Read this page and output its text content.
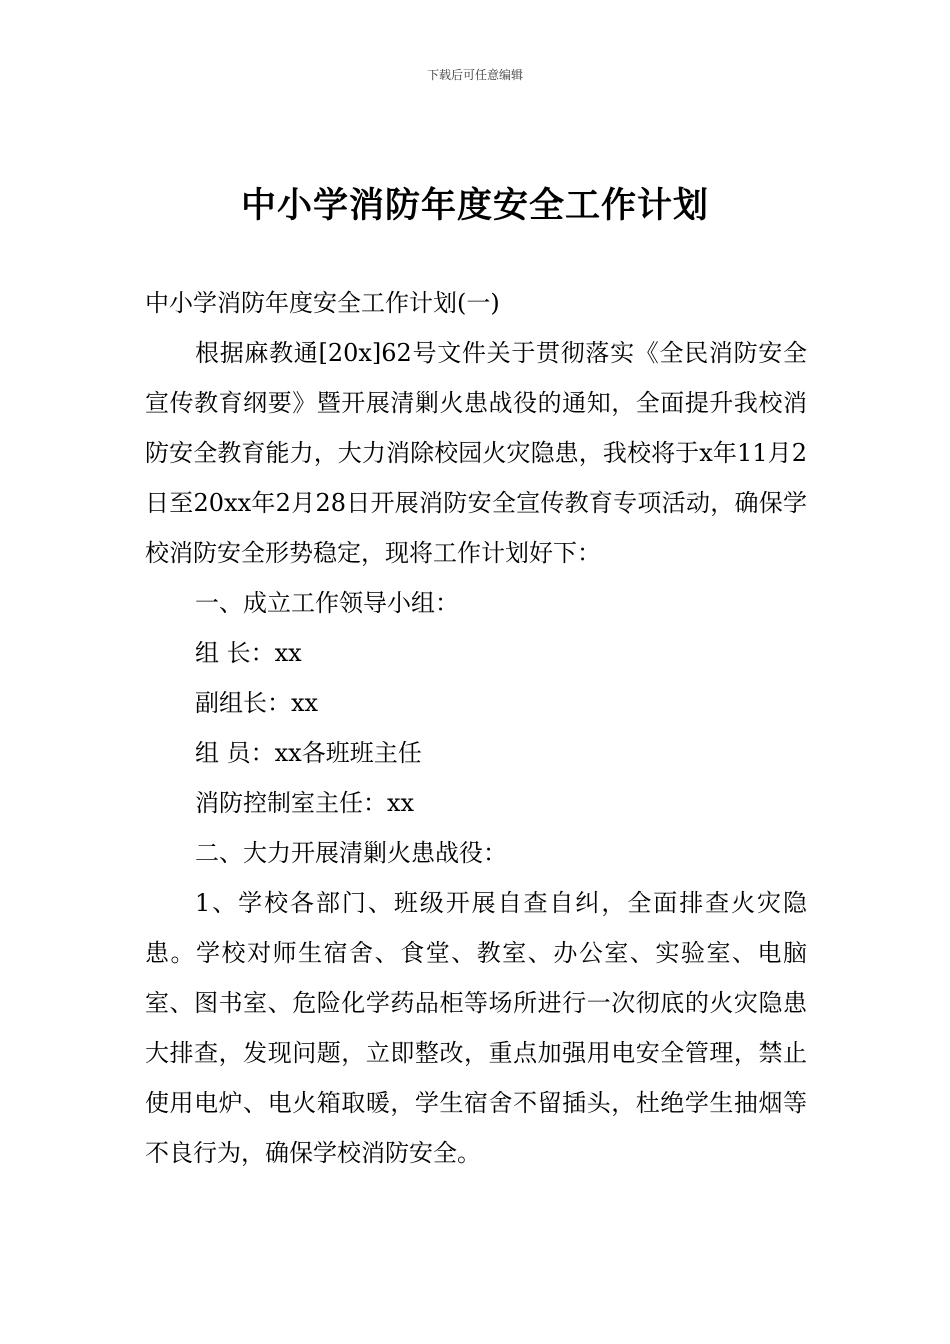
下载后可任意编辑
中小学消防年度安全工作计划

中小学消防年度安全工作计划(一)

根据麻教通[20x]62号文件关于贯彻落实《全民消防安全宣传教育纲要》暨开展清剿火患战役的通知，全面提升我校消防安全教育能力，大力消除校园火灾隐患，我校将于x年11月2日至20xx年2月28日开展消防安全宣传教育专项活动，确保学校消防安全形势稳定，现将工作计划好下：

一、成立工作领导小组：

组 长：xx

副组长：xx

组 员：xx各班班主任

消防控制室主任：xx

二、大力开展清剿火患战役：

1、学校各部门、班级开展自查自纠，全面排查火灾隐患。学校对师生宿舍、食堂、教室、办公室、实验室、电脑室、图书室、危险化学药品柜等场所进行一次彻底的火灾隐患大排查，发现问题，立即整改，重点加强用电安全管理，禁止使用电炉、电火箱取暖，学生宿舍不留插头，杜绝学生抽烟等不良行为，确保学校消防安全。
